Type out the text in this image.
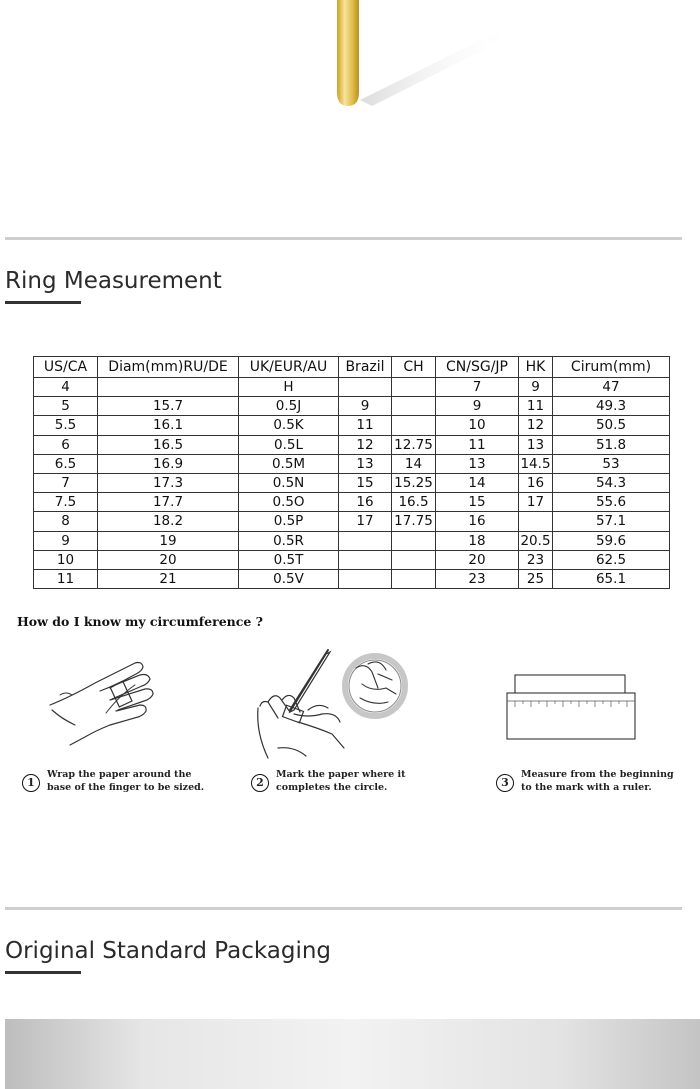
Ring Measurement
US/CA	Diam(mm)RU/DE	UK/EUR/AU	Brazil	CH	CN/SG/JP	HK	Cirum(mm)
4		H			7	9	47
5	15.7	0.5J	9		9	11	49.3
5.5	16.1	0.5K	11		10	12	50.5
6	16.5	0.5L	12	12.75	11	13	51.8
6.5	16.9	0.5M	13	14	13	14.5	53
7	17.3	0.5N	15	15.25	14	16	54.3
7.5	17.7	0.5O	16	16.5	15	17	55.6
8	18.2	0.5P	17	17.75	16		57.1
9	19	0.5R			18	20.5	59.6
10	20	0.5T			20	23	62.5
11	21	0.5V			23	25	65.1
How do I know my circumference ?
1
Wrap the paper around the
base of the finger to be sized.	2
Mark the paper where it
completes the circle.	3
Measure from the beginning
to the mark with a ruler.
Original Standard Packaging
